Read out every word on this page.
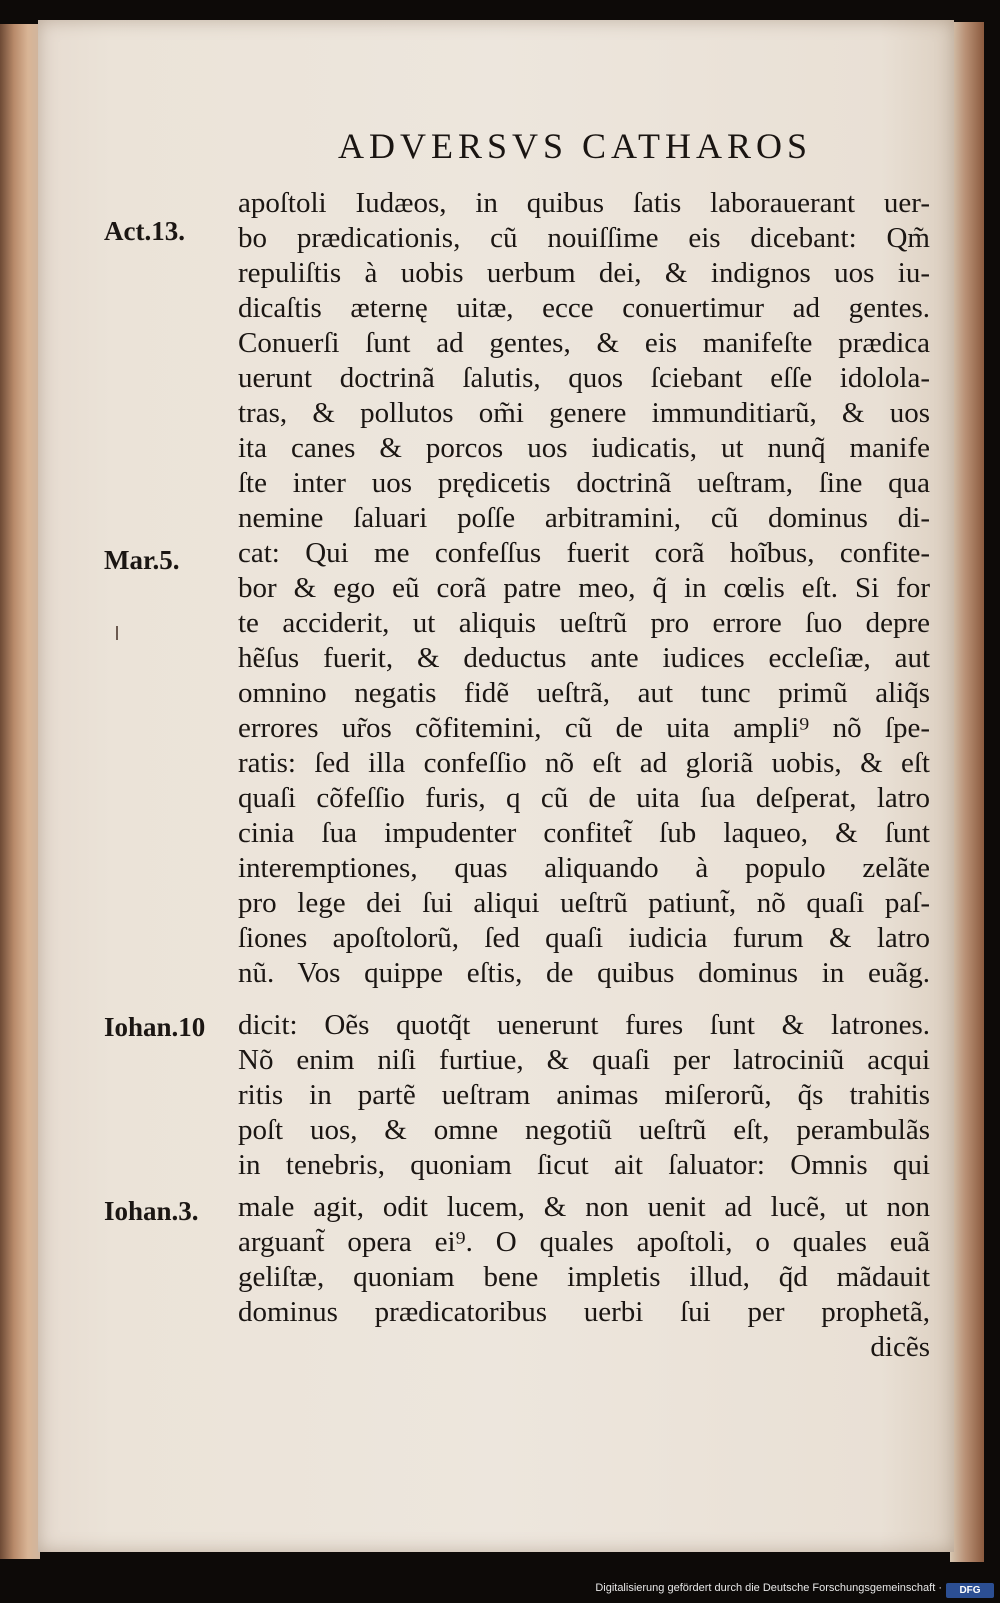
ADVERSVS CATHAROS
Act.13.
Mar.5.
Iohan.10
Iohan.3.
apoſtoli Iudæos, in quibus ſatis laborauerant uer-
bo prædicationis, cũ nouiſſime eis dicebant: Qm̃
repuliſtis à uobis uerbum dei, & indignos uos iu-
dicaſtis æternę uitæ, ecce conuertimur ad gentes.
Conuerſi ſunt ad gentes, & eis manifeſte prædica
uerunt doctrinã ſalutis, quos ſciebant eſſe idolola-
tras, & pollutos om̃i genere immunditiarũ, & uos
ita canes & porcos uos iudicatis, ut nunq̃ manife
ſte inter uos prędicetis doctrinã ueſtram, ſine qua
nemine ſaluari poſſe arbitramini, cũ dominus di-
cat: Qui me confeſſus fuerit corã hoĩbus, confite-
bor & ego eũ corã patre meo, q̃ in cœlis eſt. Si for
te acciderit, ut aliquis ueſtrũ pro errore ſuo depre
hẽſus fuerit, & deductus ante iudices eccleſiæ, aut
omnino negatis fidẽ ueſtrã, aut tunc primũ aliq̃s
errores ur̃os cõfitemini, cũ de uita ampli⁹ nõ ſpe-
ratis: ſed illa confeſſio nõ eſt ad gloriã uobis, & eſt
quaſi cõfeſſio furis, q cũ de uita ſua deſperat, latro
cinia ſua impudenter confitet̃ ſub laqueo, & ſunt
interemptiones, quas aliquando à populo zelãte
pro lege dei ſui aliqui ueſtrũ patiunt̃, nõ quaſi paſ-
ſiones apoſtolorũ, ſed quaſi iudicia furum & latro
nũ. Vos quippe eſtis, de quibus dominus in euãg.
dicit: Oẽs quotq̃t uenerunt fures ſunt & latrones.
Nõ enim niſi furtiue, & quaſi per latrociniũ acqui
ritis in partẽ ueſtram animas miſerorũ, q̃s trahitis
poſt uos, & omne negotiũ ueſtrũ eſt, perambulãs
in tenebris, quoniam ſicut ait ſaluator: Omnis qui
male agit, odit lucem, & non uenit ad lucẽ, ut non
arguant̃ opera ei⁹. O quales apoſtoli, o quales euã
geliſtæ, quoniam bene impletis illud, q̃d mãdauit
dominus prædicatoribus uerbi ſui per prophetã,
dicẽs
Digitalisierung gefördert durch die Deutsche Forschungsgemeinschaft ·	DFG
